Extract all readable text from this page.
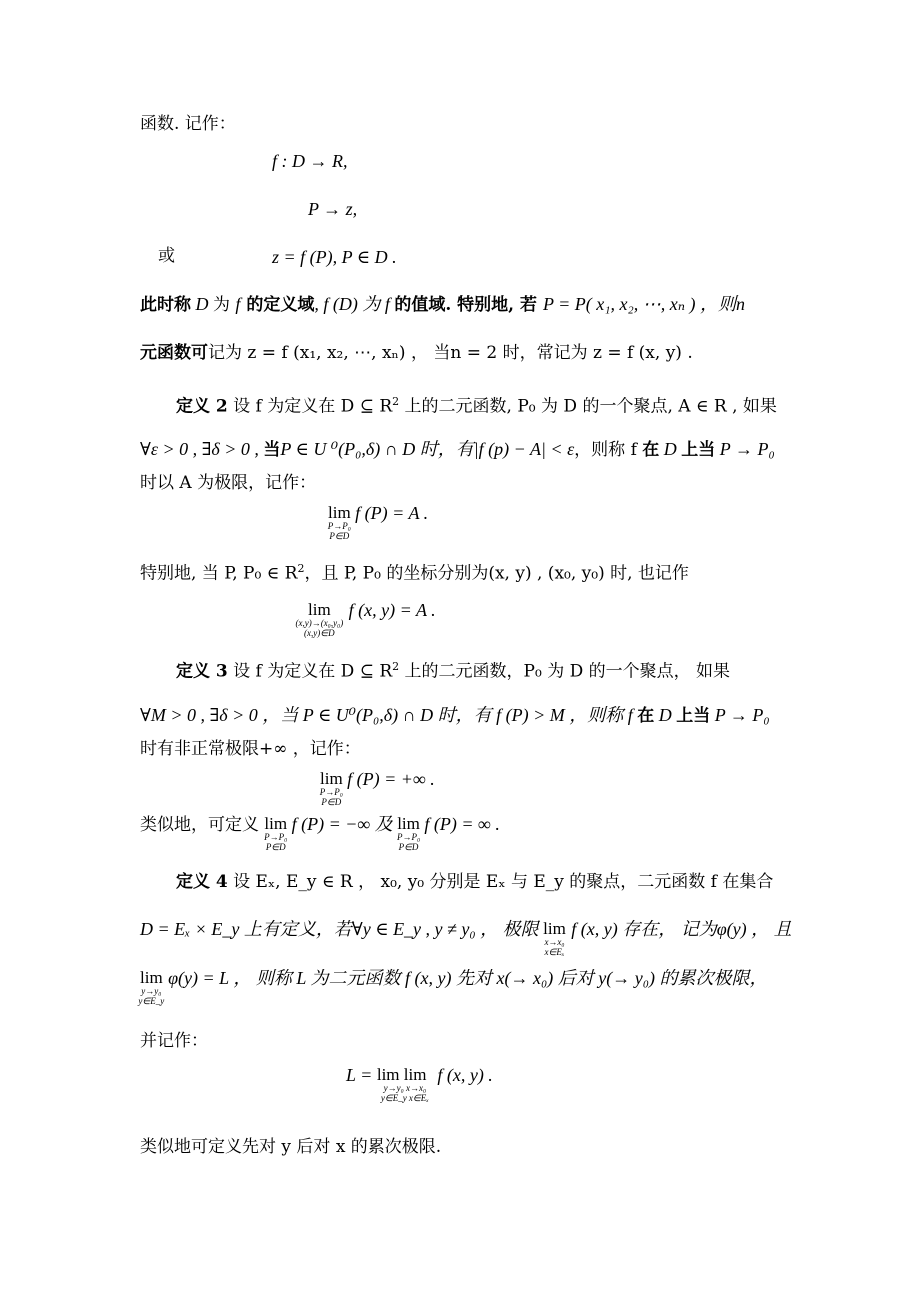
函数. 记作：
f : D → R,
P → z,
或	z = f (P), P ∈ D .
此时称 D 为 f 的定义域, f (D) 为 f 的值域. 特别地, 若 P = P( x₁, x₂, ⋯, xₙ ) ，则n
元函数可记为 z = f (x₁, x₂, ⋯, xₙ) ， 当n = 2 时，常记为 z = f (x, y) .
定义 2 设 f 为定义在 D ⊆ $R^2$ 上的二元函数, P₀ 为 D 的一个聚点, A ∈ R , 如果
∀ε > 0 , ∃δ > 0 , 当P ∈ U ⁰(P₀,δ) ∩ D 时，有|f (p) − A| < ε，则称 f 在 D 上当 P → P₀
时以 A 为极限，记作：
lim
P→P₀
P∈D
f (P) = A .
特别地, 当 P, P₀ ∈ $R^2$，且 P, P₀ 的坐标分别为(x, y) , (x₀, y₀) 时, 也记作
lim
(x,y)→(x₀,y₀)
(x,y)∈D
f (x, y) = A .
定义 3 设 f 为定义在 D ⊆ $R^2$ 上的二元函数，P₀ 为 D 的一个聚点， 如果
∀M > 0 , ∃δ > 0 ，当 P ∈ U⁰(P₀,δ) ∩ D 时，有 f (P) > M ，则称 f 在 D 上当 P → P₀
时有非正常极限+∞ ，记作：
lim
P→P₀
P∈D
f (P) = +∞ .
类似地，可定义 lim
P→P₀
P∈D
f (P) = −∞ 及 lim
P→P₀
P∈D
f (P) = ∞ .
定义 4 设 Eₓ, E_y ∈ R ， x₀, y₀ 分别是 Eₓ 与 E_y 的聚点，二元函数 f 在集合
D = Eₓ × E_y 上有定义，若∀y ∈ E_y , y ≠ y₀ ， 极限 lim
x→x₀
x∈Eₓ
f (x, y) 存在， 记为φ(y) ， 且
lim
y→y₀
y∈E_y
φ(y) = L ， 则称 L 为二元函数 f (x, y) 先对 x(→ x₀) 后对 y(→ y₀) 的累次极限，
并记作：
L = lim lim
y→y₀ x→x₀
y∈E_y x∈Eₓ
f (x, y) .
类似地可定义先对 y 后对 x 的累次极限.
